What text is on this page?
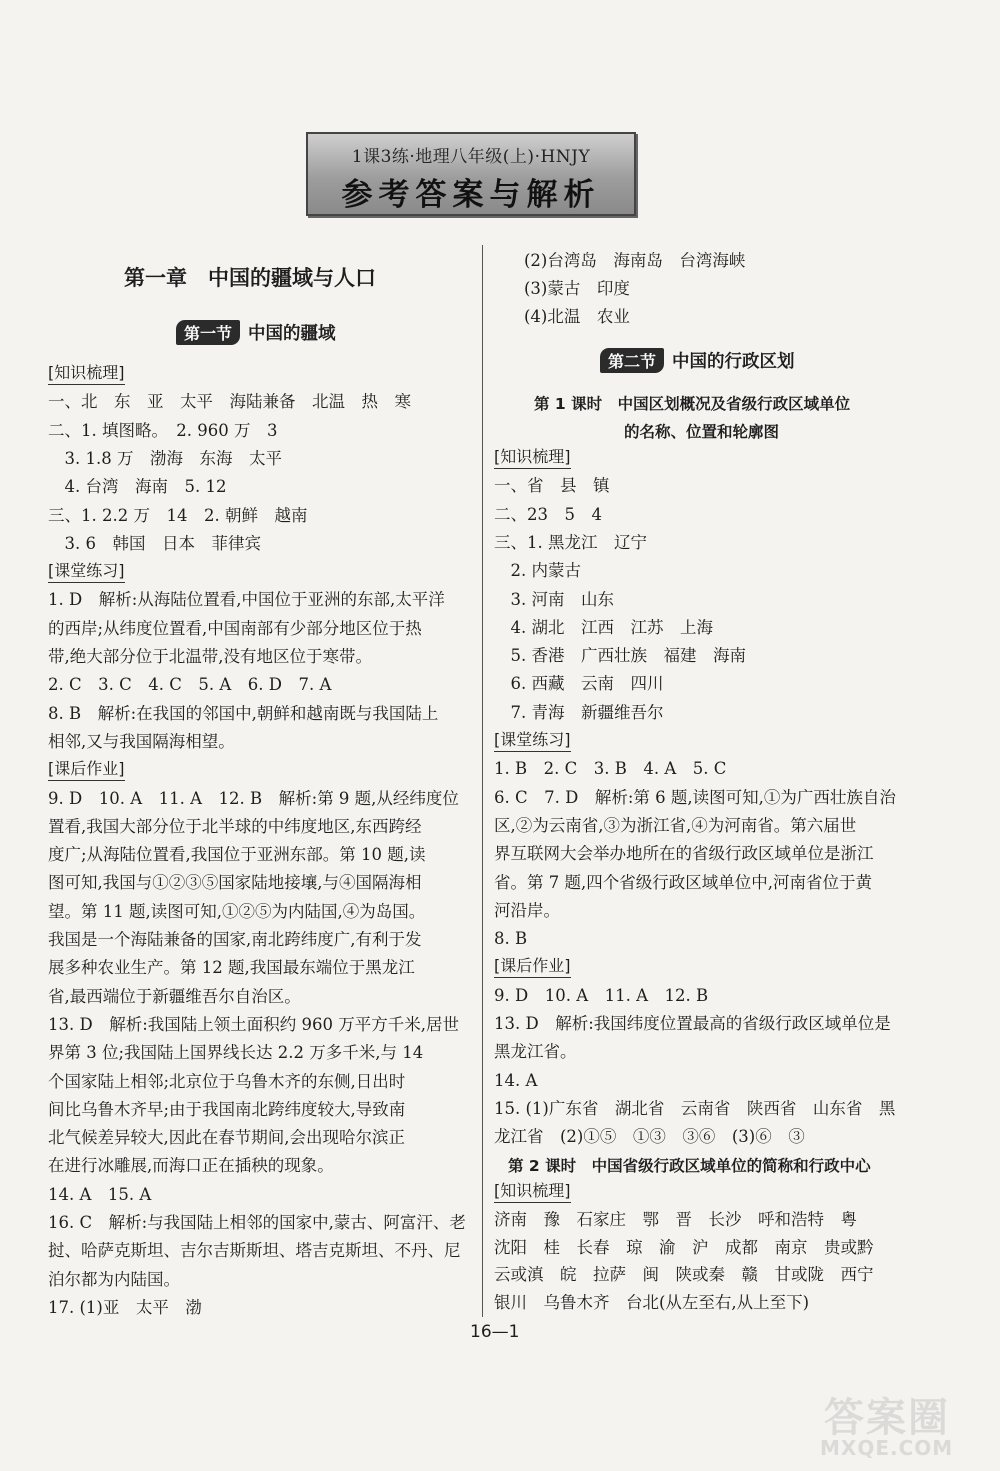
1课3练·地理八年级(上)·HNJY
参考答案与解析
第一章　中国的疆域与人口
第一节 中国的疆域
[知识梳理]
一、北　东　亚　太平　海陆兼备　北温　热　寒
二、1. 填图略。　2. 960 万　3
　3. 1.8 万　渤海　东海　太平
　4. 台湾　海南　5. 12
三、1. 2.2 万　14　2. 朝鲜　越南
　3. 6　韩国　日本　菲律宾
[课堂练习]
1. D　解析:从海陆位置看,中国位于亚洲的东部,太平洋
的西岸;从纬度位置看,中国南部有少部分地区位于热
带,绝大部分位于北温带,没有地区位于寒带。
2. C　3. C　4. C　5. A　6. D　7. A
8. B　解析:在我国的邻国中,朝鲜和越南既与我国陆上
相邻,又与我国隔海相望。
[课后作业]
9. D　10. A　11. A　12. B　解析:第 9 题,从经纬度位
置看,我国大部分位于北半球的中纬度地区,东西跨经
度广;从海陆位置看,我国位于亚洲东部。第 10 题,读
图可知,我国与①②③⑤国家陆地接壤,与④国隔海相
望。第 11 题,读图可知,①②⑤为内陆国,④为岛国。
我国是一个海陆兼备的国家,南北跨纬度广,有利于发
展多种农业生产。第 12 题,我国最东端位于黑龙江
省,最西端位于新疆维吾尔自治区。
13. D　解析:我国陆上领土面积约 960 万平方千米,居世
界第 3 位;我国陆上国界线长达 2.2 万多千米,与 14
个国家陆上相邻;北京位于乌鲁木齐的东侧,日出时
间比乌鲁木齐早;由于我国南北跨纬度较大,导致南
北气候差异较大,因此在春节期间,会出现哈尔滨正
在进行冰雕展,而海口正在插秧的现象。
14. A　15. A
16. C　解析:与我国陆上相邻的国家中,蒙古、阿富汗、老
挝、哈萨克斯坦、吉尔吉斯斯坦、塔吉克斯坦、不丹、尼
泊尔都为内陆国。
17. (1)亚　太平　渤
(2)台湾岛　海南岛　台湾海峡
(3)蒙古　印度
(4)北温　农业
第二节 中国的行政区划
第 1 课时　中国区划概况及省级行政区域单位
的名称、位置和轮廓图
[知识梳理]
一、省　县　镇
二、23　5　4
三、1. 黑龙江　辽宁
　2. 内蒙古
　3. 河南　山东
　4. 湖北　江西　江苏　上海
　5. 香港　广西壮族　福建　海南
　6. 西藏　云南　四川
　7. 青海　新疆维吾尔
[课堂练习]
1. B　2. C　3. B　4. A　5. C
6. C　7. D　解析:第 6 题,读图可知,①为广西壮族自治
区,②为云南省,③为浙江省,④为河南省。第六届世
界互联网大会举办地所在的省级行政区域单位是浙江
省。第 7 题,四个省级行政区域单位中,河南省位于黄
河沿岸。
8. B
[课后作业]
9. D　10. A　11. A　12. B
13. D　解析:我国纬度位置最高的省级行政区域单位是
黑龙江省。
14. A
15. (1)广东省　湖北省　云南省　陕西省　山东省　黑
龙江省　(2)①⑤　①③　③⑥　(3)⑥　③
第 2 课时　中国省级行政区域单位的简称和行政中心
[知识梳理]
济南　豫　石家庄　鄂　晋　长沙　呼和浩特　粤
沈阳　桂　长春　琼　渝　沪　成都　南京　贵或黔
云或滇　皖　拉萨　闽　陕或秦　赣　甘或陇　西宁
银川　乌鲁木齐　台北(从左至右,从上至下)
16—1
答案圈
MXQE.COM
